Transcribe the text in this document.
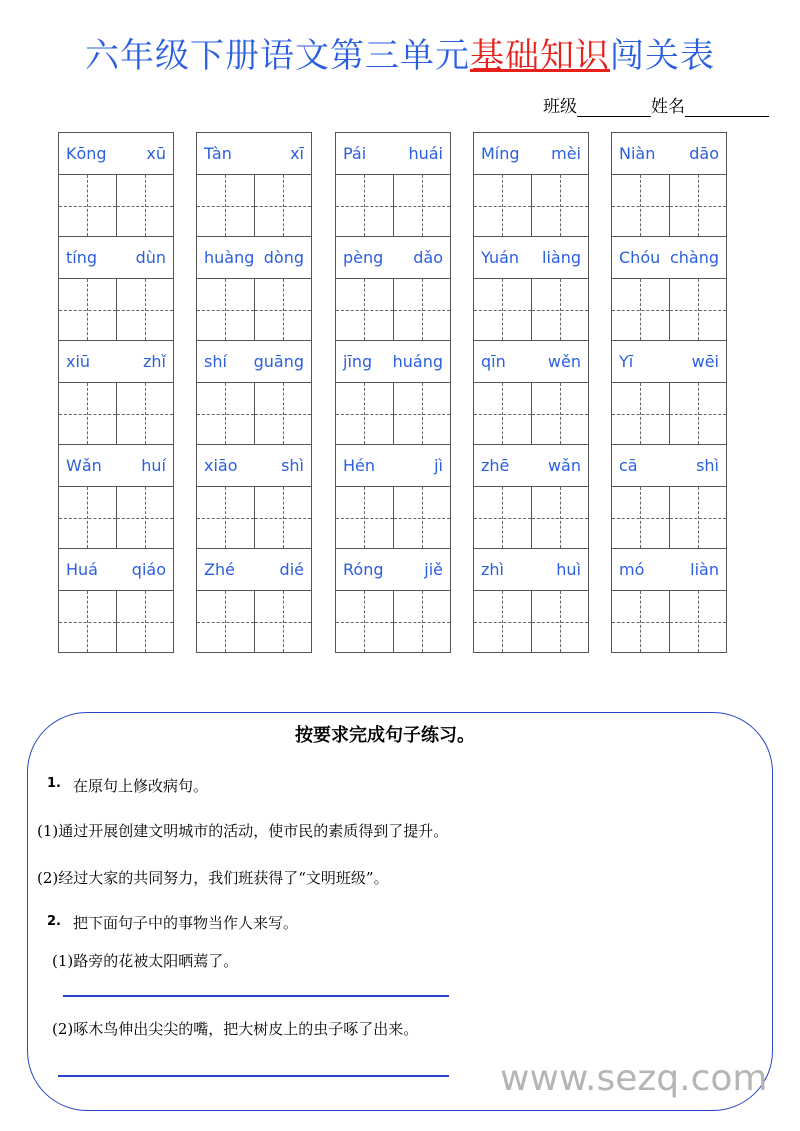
六年级下册语文第三单元基础知识闯关表
班级	姓名
Kōng xū
tíng dùn
xiū	zhǐ
Wǎn huí
Huá qiáo
Tàn	xī
huàng dòng
shí guāng
xiāo	shì
Zhé	dié
Pái	huái
pèng dǎo
jīng huáng
Hén	jì
Róng	jiě
Míng mèi
Yuán liàng
qīn	wěn
zhē wǎn
zhì	huì
Niàn dāo
Chóu chàng
Yī	wēi
cā	shì
mó	liàn
按要求完成句子练习。
1. 在原句上修改病句。
(1)通过开展创建文明城市的活动，使市民的素质得到了提升。
(2)经过大家的共同努力，我们班获得了“文明班级”。
2. 把下面句子中的事物当作人来写。
(1)路旁的花被太阳晒蔫了。
(2)啄木鸟伸出尖尖的嘴，把大树皮上的虫子啄了出来。
www.sezq.com
